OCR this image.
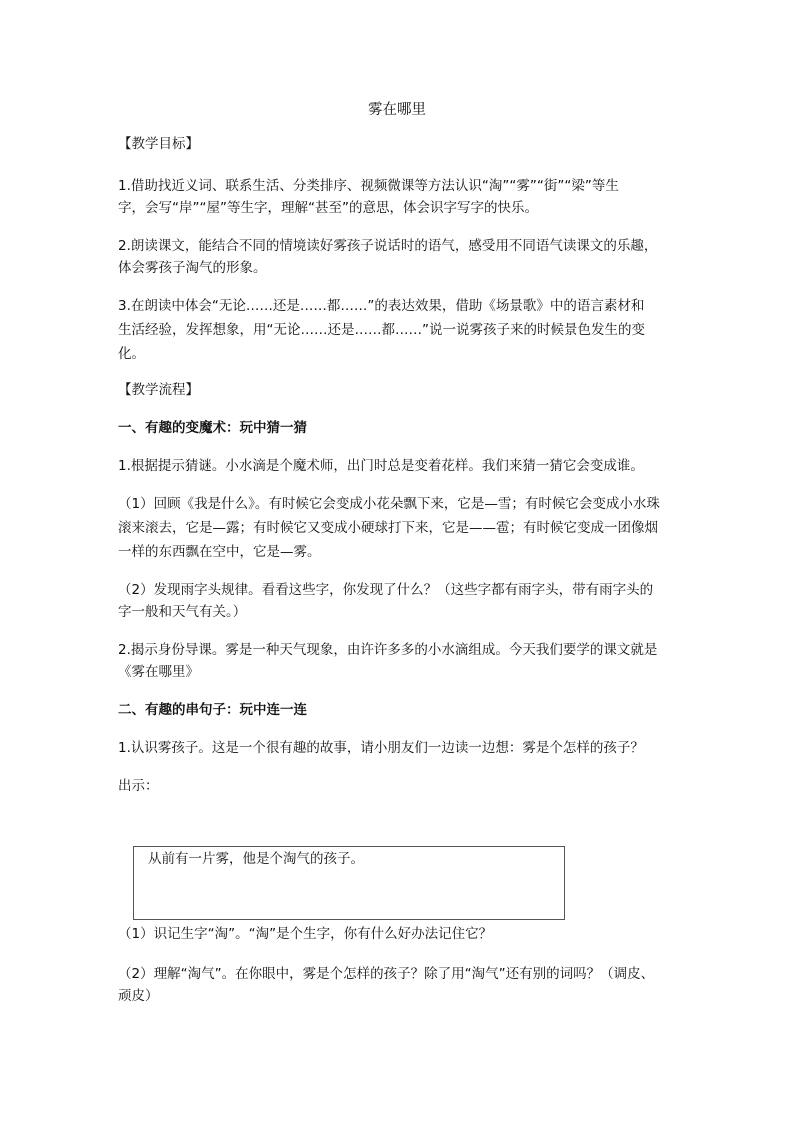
雾在哪里
【教学目标】
1.借助找近义词、联系生活、分类排序、视频微课等方法认识“淘”“雾”“街”“梁”等生
字，会写“岸”“屋”等生字，理解“甚至”的意思，体会识字写字的快乐。
2.朗读课文，能结合不同的情境读好雾孩子说话时的语气，感受用不同语气读课文的乐趣，
体会雾孩子淘气的形象。
3.在朗读中体会“无论……还是……都……”的表达效果，借助《场景歌》中的语言素材和
生活经验，发挥想象，用“无论……还是……都……”说一说雾孩子来的时候景色发生的变
化。
【教学流程】
一、有趣的变魔术：玩中猜一猜
1.根据提示猜谜。小水滴是个魔术师，出门时总是变着花样。我们来猜一猜它会变成谁。
（1）回顾《我是什么》。有时候它会变成小花朵飘下来，它是—雪；有时候它会变成小水珠
滚来滚去，它是—露；有时候它又变成小硬球打下来，它是——雹；有时候它变成一团像烟
一样的东西飘在空中，它是—雾。
（2）发现雨字头规律。看看这些字，你发现了什么？（这些字都有雨字头，带有雨字头的
字一般和天气有关。）
2.揭示身份导课。雾是一种天气现象，由许许多多的小水滴组成。今天我们要学的课文就是
《雾在哪里》
二、有趣的串句子：玩中连一连
1.认识雾孩子。这是一个很有趣的故事，请小朋友们一边读一边想：雾是个怎样的孩子？
出示：
从前有一片雾，他是个淘气的孩子。
（1）识记生字“淘”。“淘”是个生字，你有什么好办法记住它？
（2）理解“淘气”。在你眼中，雾是个怎样的孩子？除了用“淘气”还有别的词吗？（调皮、
顽皮）
